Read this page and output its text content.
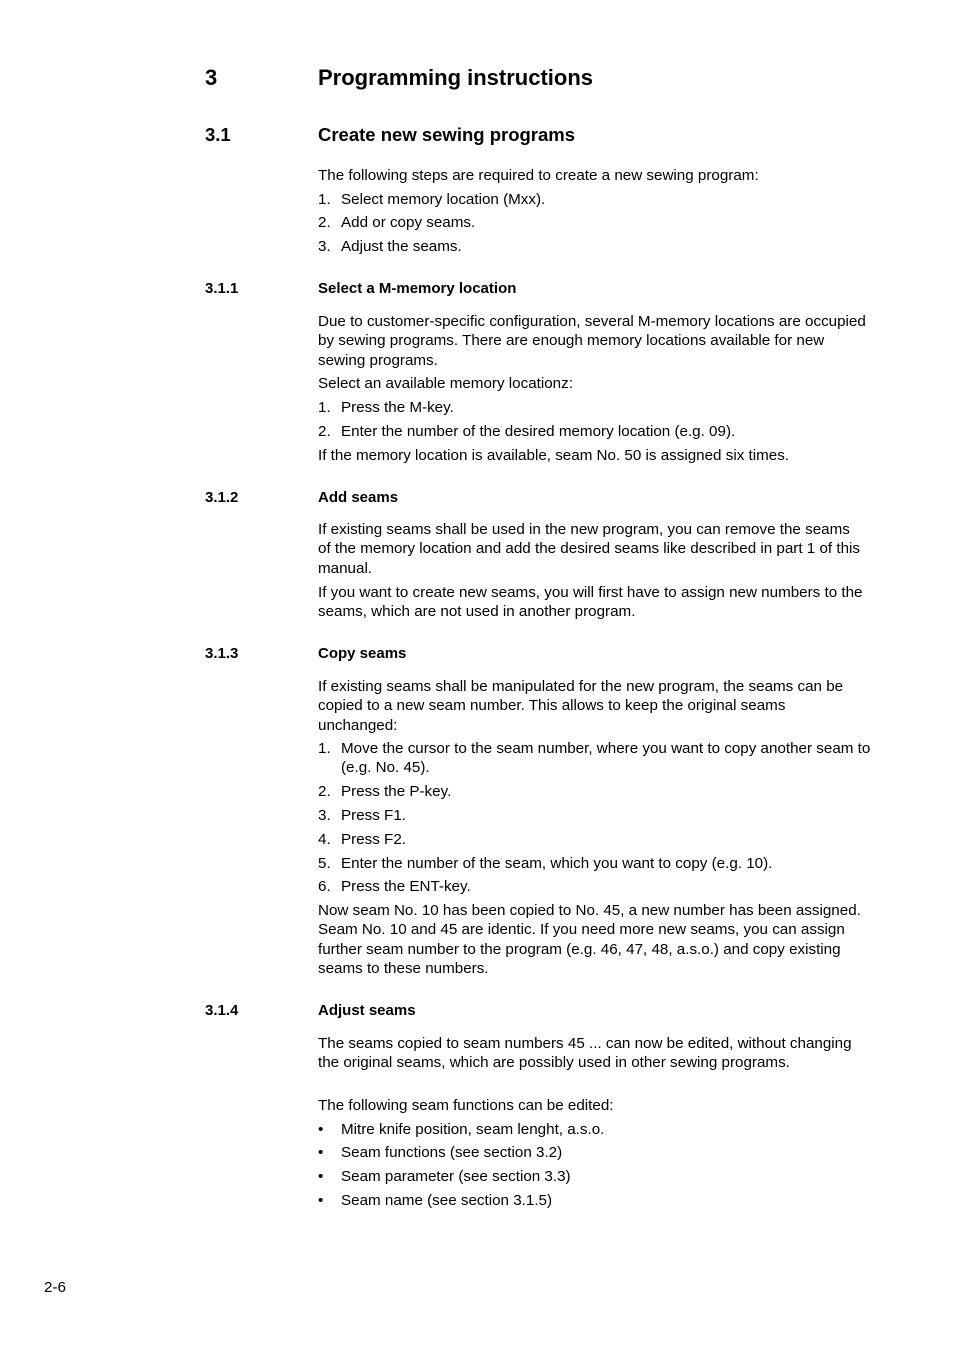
3	Programming instructions
3.1	Create new sewing programs
The following steps are required to create a new sewing program:
1. Select memory location (Mxx).
2. Add or copy seams.
3. Adjust the seams.
3.1.1	Select a M-memory location
Due to customer-specific configuration, several M-memory locations are occupied by sewing programs. There are enough memory locations available for new sewing programs.
Select an available memory locationz:
1. Press the M-key.
2. Enter the number of the desired memory location (e.g. 09).
If the memory location is available, seam No. 50 is assigned six times.
3.1.2	Add seams
If existing seams shall be used in the new program, you can remove the seams of the memory location and add the desired seams like described in part 1 of this manual.
If you want to create new seams, you will first have to assign new numbers to the seams, which are not used in another program.
3.1.3	Copy seams
If existing seams shall be manipulated for the new program, the seams can be copied to a new seam number. This allows to keep the original seams unchanged:
1. Move the cursor to the seam number, where you want to copy another seam to (e.g. No. 45).
2. Press the P-key.
3. Press F1.
4. Press F2.
5. Enter the number of the seam, which you want to copy (e.g. 10).
6. Press the ENT-key.
Now seam No. 10 has been copied to No. 45, a new number has been assigned. Seam No. 10 and 45 are identic. If you need more new seams, you can assign further seam number to the program (e.g. 46, 47, 48, a.s.o.) and copy existing seams to these numbers.
3.1.4	Adjust seams
The seams copied to seam numbers 45 ... can now be edited, without changing the original seams, which are possibly used in other sewing programs.
The following seam functions can be edited:
• Mitre knife position, seam lenght, a.s.o.
• Seam functions (see section 3.2)
• Seam parameter (see section 3.3)
• Seam name (see section 3.1.5)
2-6
